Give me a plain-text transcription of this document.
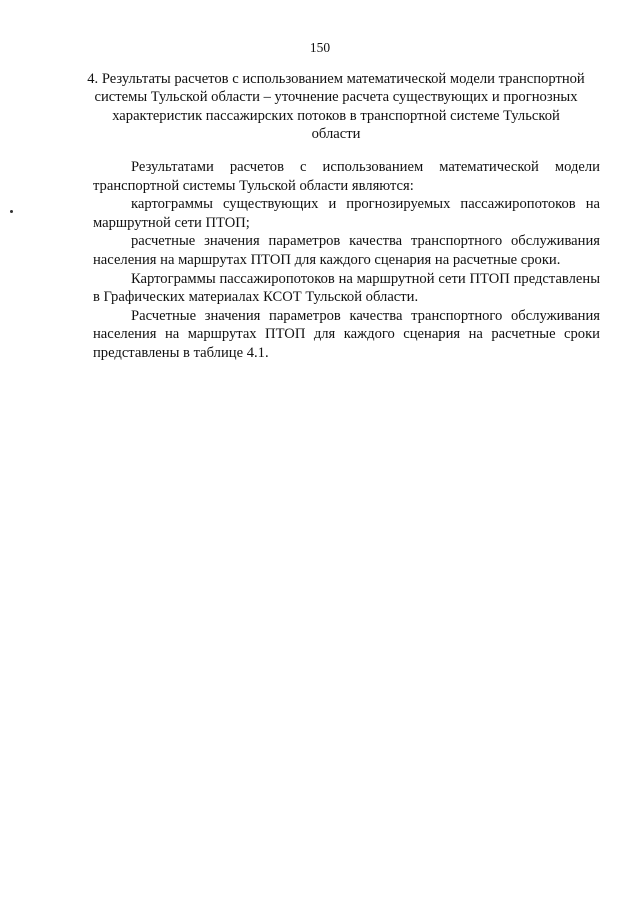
150
4. Результаты расчетов с использованием математической модели транспортной системы Тульской области – уточнение расчета существующих и прогнозных характеристик пассажирских потоков в транспортной системе Тульской области

Результатами расчетов с использованием математической модели транспортной системы Тульской области являются:

картограммы существующих и прогнозируемых пассажиропотоков на маршрутной сети ПТОП;

расчетные значения параметров качества транспортного обслуживания населения на маршрутах ПТОП для каждого сценария на расчетные сроки.

Картограммы пассажиропотоков на маршрутной сети ПТОП представлены в Графических материалах КСОТ Тульской области.

Расчетные значения параметров качества транспортного обслуживания населения на маршрутах ПТОП для каждого сценария на расчетные сроки представлены в таблице 4.1.
